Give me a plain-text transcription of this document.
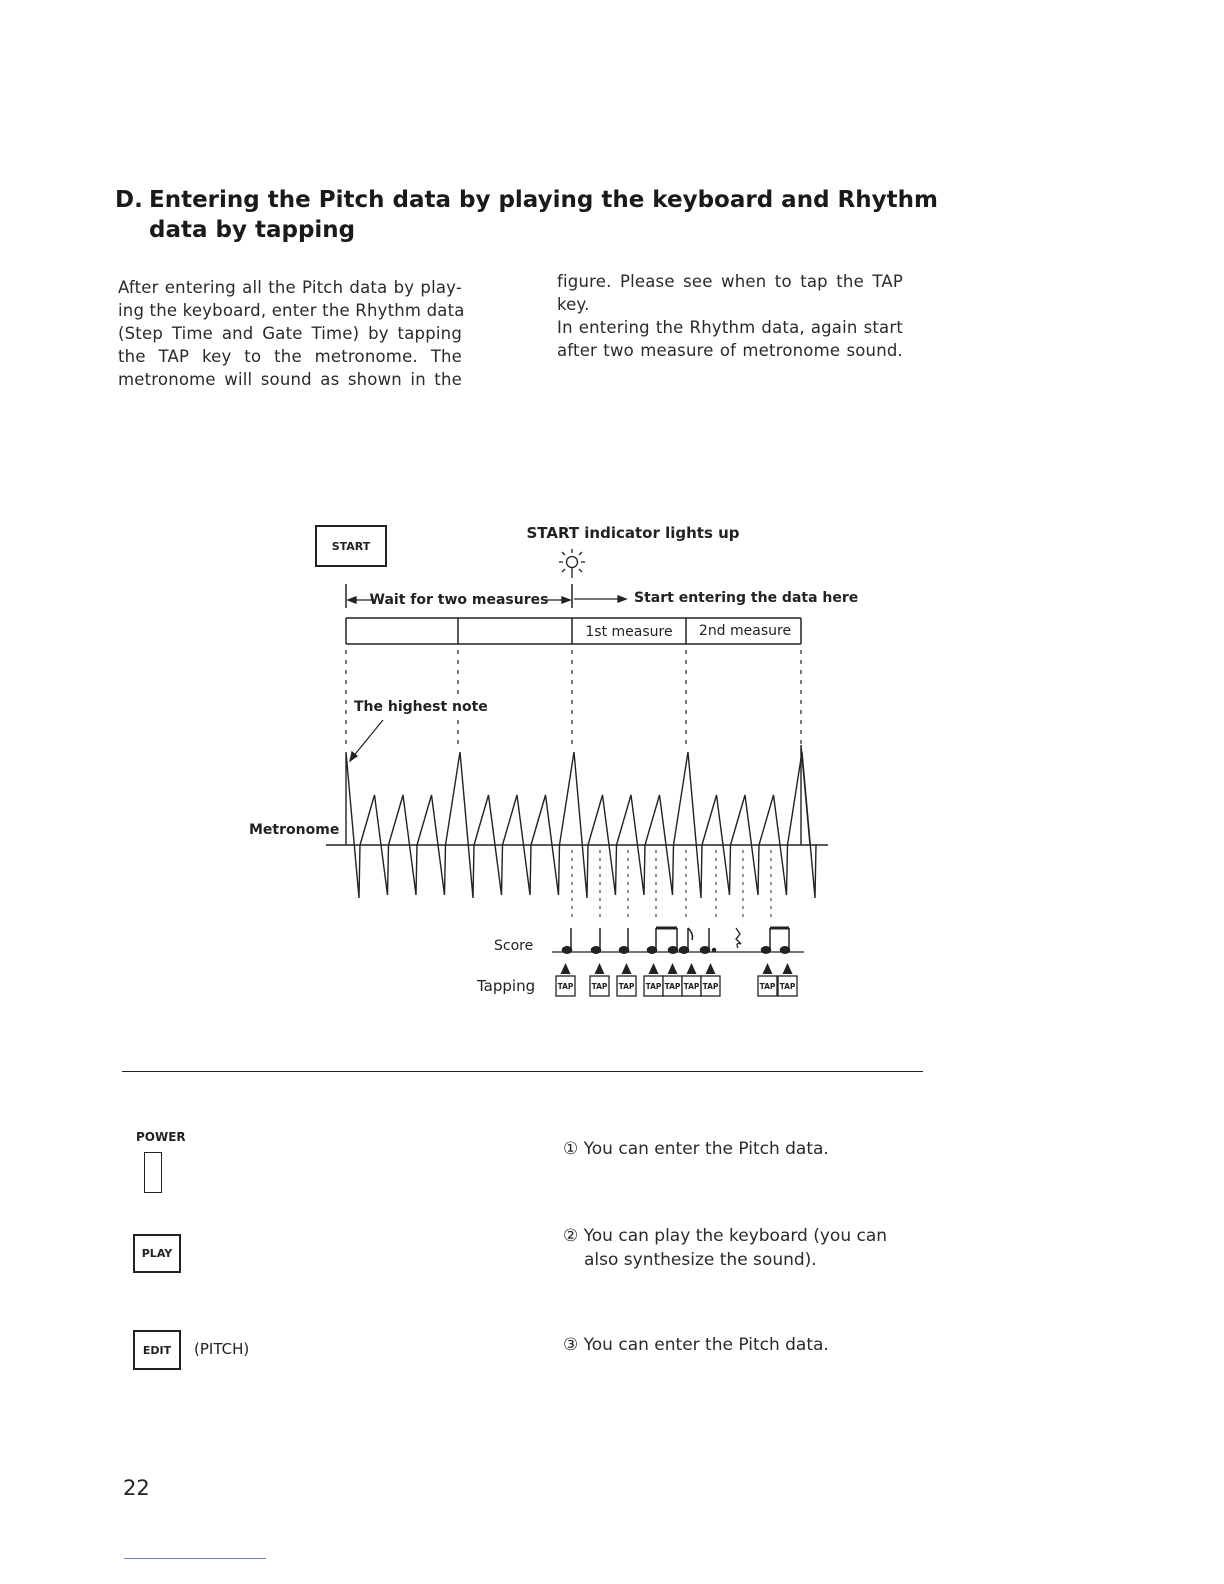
D. Entering the Pitch data by playing the keyboard and Rhythm
data by tapping
After entering all the Pitch data by play-
ing the keyboard, enter the Rhythm data
(Step Time and Gate Time) by tapping
the TAP key to the metronome. The
metronome will sound as shown in the
figure. Please see when to tap the TAP
key.
In entering the Rhythm data, again start
after two measure of metronome sound.
START
START indicator lights up
Wait for two measures	Start entering the data here
1st measure 2nd measure
The highest note
Metronome
Score
Tapping	TAP TAP TAP TAP TAP TAP TAP	TAP TAP
POWER
PLAY
EDIT	(PITCH)
① You can enter the Pitch data.
② You can play the keyboard (you can
also synthesize the sound).
③ You can enter the Pitch data.
22
